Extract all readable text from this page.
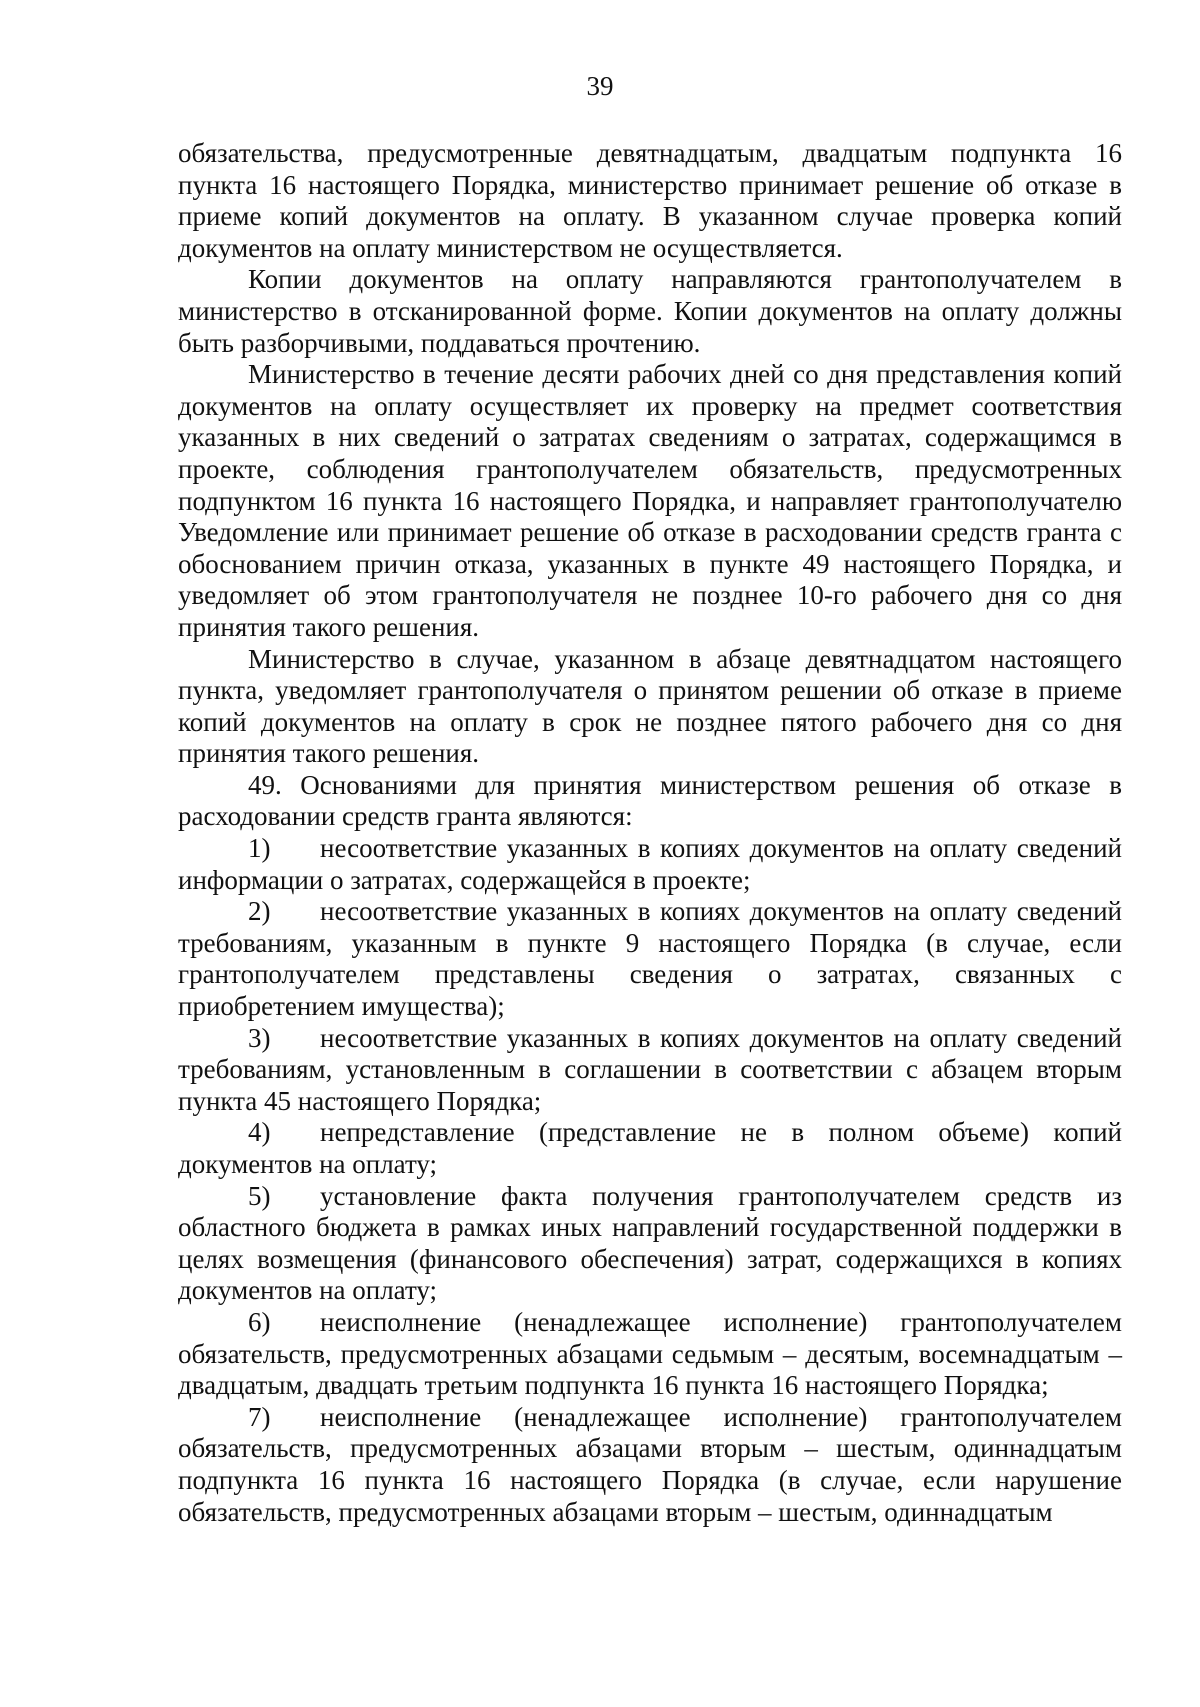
39

обязательства, предусмотренные девятнадцатым, двадцатым подпункта 16 пункта 16 настоящего Порядка, министерство принимает решение об отказе в приеме копий документов на оплату. В указанном случае проверка копий документов на оплату министерством не осуществляется.

Копии документов на оплату направляются грантополучателем в министерство в отсканированной форме. Копии документов на оплату должны быть разборчивыми, поддаваться прочтению.

Министерство в течение десяти рабочих дней со дня представления копий документов на оплату осуществляет их проверку на предмет соответствия указанных в них сведений о затратах сведениям о затратах, содержащимся в проекте, соблюдения грантополучателем обязательств, предусмотренных подпунктом 16 пункта 16 настоящего Порядка, и направляет грантополучателю Уведомление или принимает решение об отказе в расходовании средств гранта с обоснованием причин отказа, указанных в пункте 49 настоящего Порядка, и уведомляет об этом грантополучателя не позднее 10-го рабочего дня со дня принятия такого решения.

Министерство в случае, указанном в абзаце девятнадцатом настоящего пункта, уведомляет грантополучателя о принятом решении об отказе в приеме копий документов на оплату в срок не позднее пятого рабочего дня со дня принятия такого решения.

49. Основаниями для принятия министерством решения об отказе в расходовании средств гранта являются:

1) несоответствие указанных в копиях документов на оплату сведений информации о затратах, содержащейся в проекте;

2) несоответствие указанных в копиях документов на оплату сведений требованиям, указанным в пункте 9 настоящего Порядка (в случае, если грантополучателем представлены сведения о затратах, связанных с приобретением имущества);

3) несоответствие указанных в копиях документов на оплату сведений требованиям, установленным в соглашении в соответствии с абзацем вторым пункта 45 настоящего Порядка;

4) непредставление (представление не в полном объеме) копий документов на оплату;

5) установление факта получения грантополучателем средств из областного бюджета в рамках иных направлений государственной поддержки в целях возмещения (финансового обеспечения) затрат, содержащихся в копиях документов на оплату;

6) неисполнение (ненадлежащее исполнение) грантополучателем обязательств, предусмотренных абзацами седьмым – десятым, восемнадцатым – двадцатым, двадцать третьим подпункта 16 пункта 16 настоящего Порядка;

7) неисполнение (ненадлежащее исполнение) грантополучателем обязательств, предусмотренных абзацами вторым – шестым, одиннадцатым подпункта 16 пункта 16 настоящего Порядка (в случае, если нарушение обязательств, предусмотренных абзацами вторым – шестым, одиннадцатым
